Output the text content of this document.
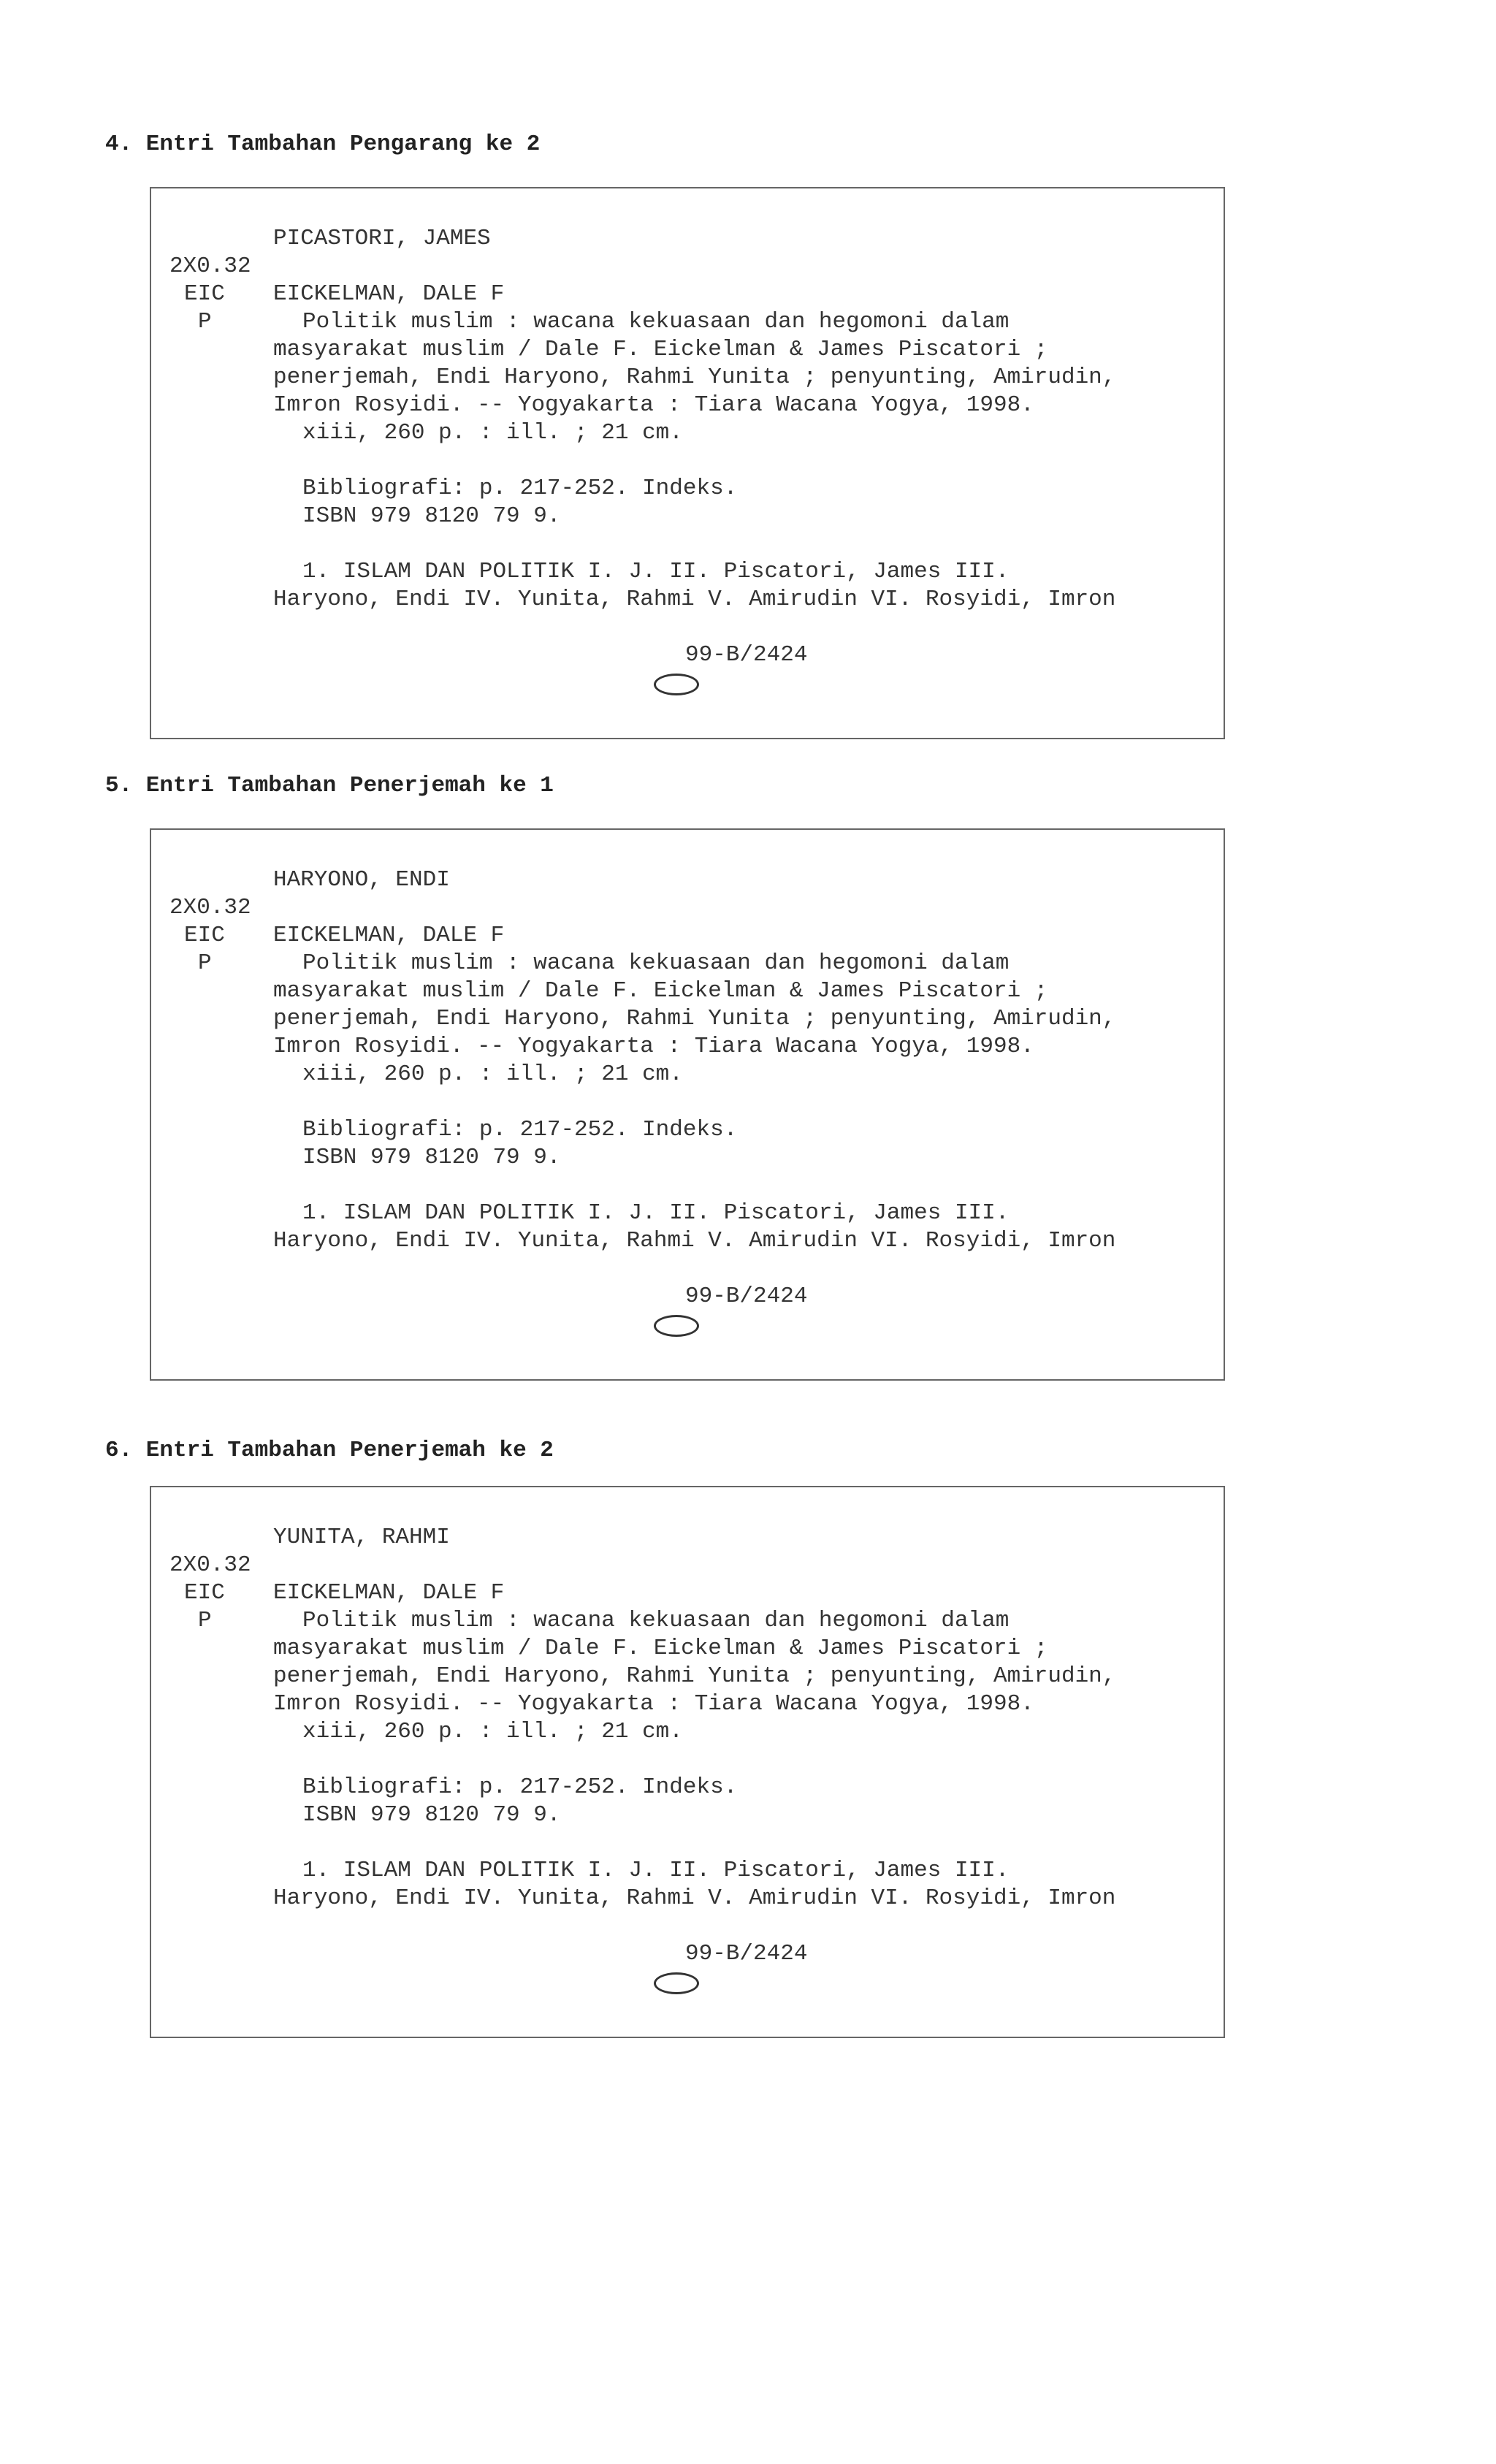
4. Entri Tambahan Pengarang ke 2

PICASTORI, JAMES

2X0.32

EIC EICKELMAN, DALE F

P	Politik muslim : wacana kekuasaan dan hegomoni dalam

masyarakat muslim / Dale F. Eickelman & James Piscatori ;

penerjemah, Endi Haryono, Rahmi Yunita ; penyunting, Amirudin,

Imron Rosyidi. -- Yogyakarta : Tiara Wacana Yogya, 1998.

xiii, 260 p. : ill. ; 21 cm.

Bibliografi: p. 217-252. Indeks.

ISBN 979 8120 79 9.

1. ISLAM DAN POLITIK I. J. II. Piscatori, James III.

Haryono, Endi IV. Yunita, Rahmi V. Amirudin VI. Rosyidi, Imron

99-B/2424

5. Entri Tambahan Penerjemah ke 1

HARYONO, ENDI

2X0.32

EIC EICKELMAN, DALE F

P	Politik muslim : wacana kekuasaan dan hegomoni dalam

masyarakat muslim / Dale F. Eickelman & James Piscatori ;

penerjemah, Endi Haryono, Rahmi Yunita ; penyunting, Amirudin,

Imron Rosyidi. -- Yogyakarta : Tiara Wacana Yogya, 1998.

xiii, 260 p. : ill. ; 21 cm.

Bibliografi: p. 217-252. Indeks.

ISBN 979 8120 79 9.

1. ISLAM DAN POLITIK I. J. II. Piscatori, James III.

Haryono, Endi IV. Yunita, Rahmi V. Amirudin VI. Rosyidi, Imron

99-B/2424

6. Entri Tambahan Penerjemah ke 2

YUNITA, RAHMI

2X0.32

EIC EICKELMAN, DALE F

P	Politik muslim : wacana kekuasaan dan hegomoni dalam

masyarakat muslim / Dale F. Eickelman & James Piscatori ;

penerjemah, Endi Haryono, Rahmi Yunita ; penyunting, Amirudin,

Imron Rosyidi. -- Yogyakarta : Tiara Wacana Yogya, 1998.

xiii, 260 p. : ill. ; 21 cm.

Bibliografi: p. 217-252. Indeks.

ISBN 979 8120 79 9.

1. ISLAM DAN POLITIK I. J. II. Piscatori, James III.

Haryono, Endi IV. Yunita, Rahmi V. Amirudin VI. Rosyidi, Imron

99-B/2424
